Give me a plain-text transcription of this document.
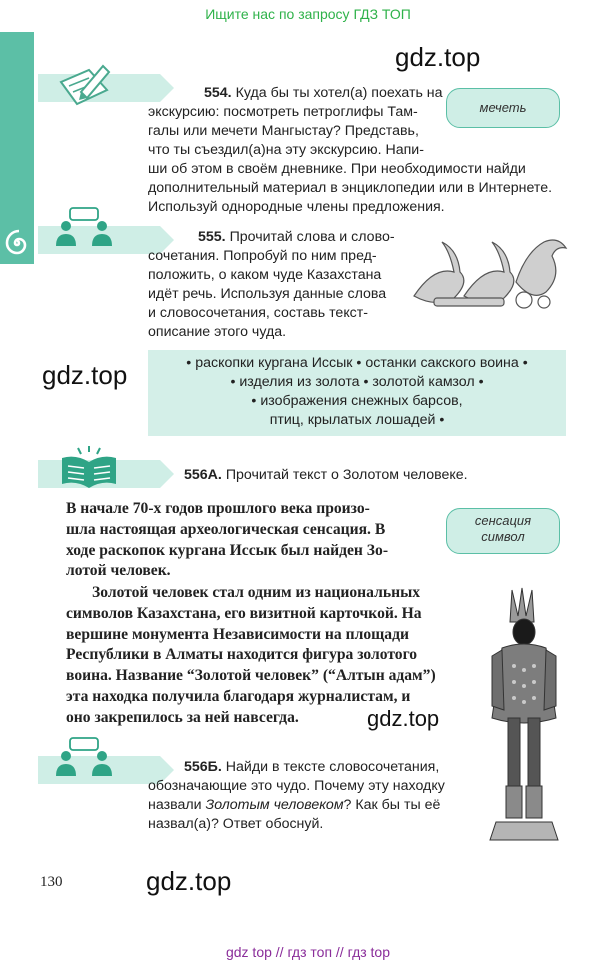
Ищите нас по запросу ГДЗ ТОП
gdz.top
gdz.top
gdz.top
gdz.top
554. Куда бы ты хотел(а) поехать на
экскурсию: посмотреть петроглифы Там-
галы или мечети Мангыстау? Представь,
что ты съездил(а)на эту экскурсию. Напи-
ши об этом в своём дневнике. При необходимости найди
дополнительный материал в энциклопедии или в Интернете.
Используй однородные члены предложения.
мечеть
555. Прочитай слова и слово-
сочетания. Попробуй по ним пред-
положить, о каком чуде Казахстана
идёт речь. Используя данные слова
и словосочетания, составь текст-
описание этого чуда.
• раскопки кургана Иссык • останки сакского воина •
• изделия из золота • золотой камзол •
• изображения снежных барсов,
птиц, крылатых лошадей •
556А. Прочитай текст о Золотом человеке.
сенсация
символ
В начале 70-х годов прошлого века произо-
шла настоящая археологическая сенсация. В
ходе раскопок кургана Иссык был найден Зо-
лотой человек.
Золотой человек стал одним из национальных
символов Казахстана, его визитной карточкой. На
вершине монумента Независимости на площади
Республики в Алматы находится фигура золотого
воина. Название “Золотой человек” (“Алтын адам”)
эта находка получила благодаря журналистам, и
оно закрепилось за ней навсегда.
556Б. Найди в тексте словосочетания,
обозначающие это чудо. Почему эту находку
назвали Золотым человеком? Как бы ты её
назвал(а)? Ответ обоснуй.
130
gdz top // гдз топ // гдз top
